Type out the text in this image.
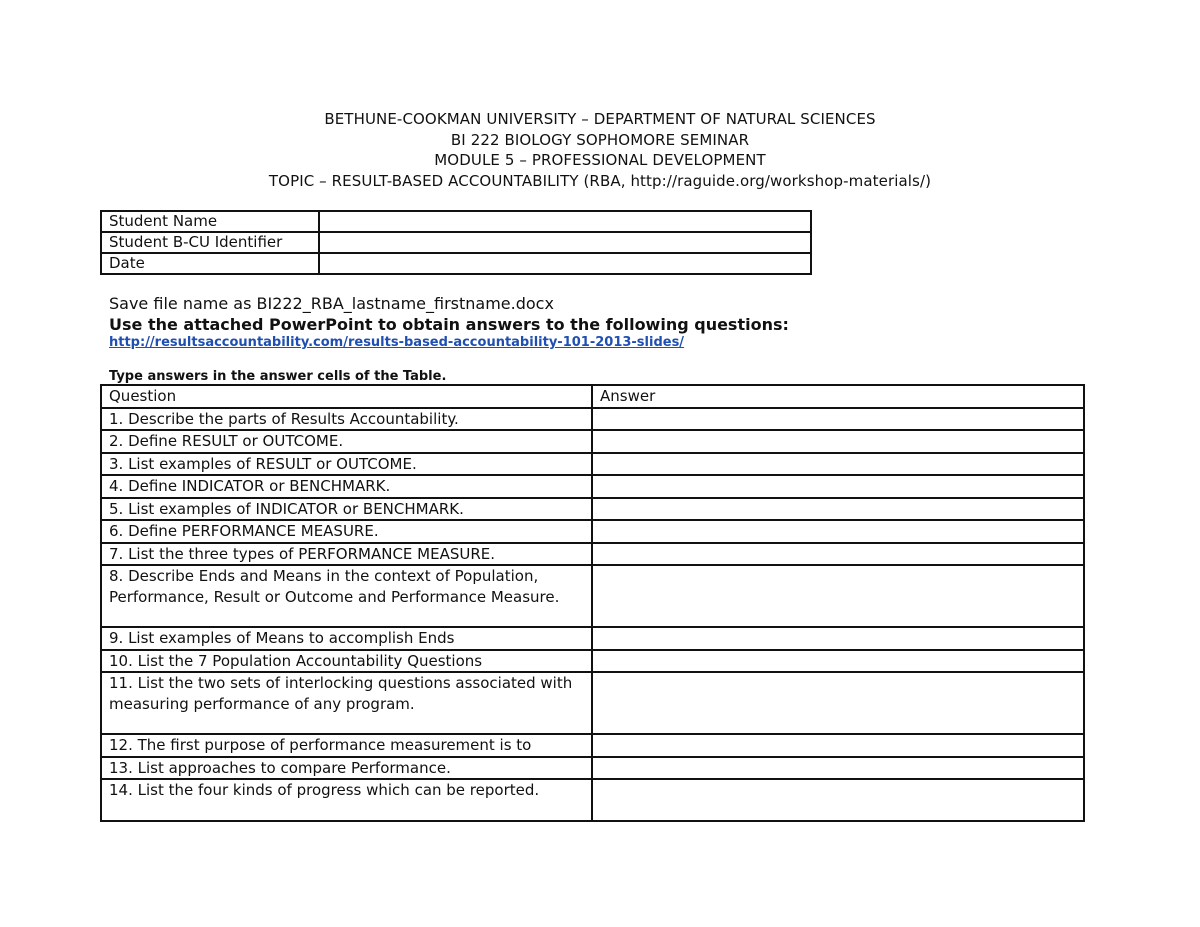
BETHUNE-COOKMAN UNIVERSITY – DEPARTMENT OF NATURAL SCIENCES
BI 222 BIOLOGY SOPHOMORE SEMINAR
MODULE 5 – PROFESSIONAL DEVELOPMENT
TOPIC – RESULT-BASED ACCOUNTABILITY (RBA, http://raguide.org/workshop-materials/)
Student Name	
Student B-CU Identifier	
Date	
Save file name as BI222_RBA_lastname_firstname.docx
Use the attached PowerPoint to obtain answers to the following questions:
http://resultsaccountability.com/results-based-accountability-101-2013-slides/
Type answers in the answer cells of the Table.
Question	Answer
1. Describe the parts of Results Accountability.	
2. Define RESULT or OUTCOME.	
3. List examples of RESULT or OUTCOME.	
4. Define INDICATOR or BENCHMARK.	
5. List examples of INDICATOR or BENCHMARK.	
6. Define PERFORMANCE MEASURE.	
7. List the three types of PERFORMANCE MEASURE.	
8. Describe Ends and Means in the context of Population, Performance, Result or Outcome and Performance Measure.	
9. List examples of Means to accomplish Ends	
10. List the 7 Population Accountability Questions	
11. List the two sets of interlocking questions associated with measuring performance of any program.	
12. The first purpose of performance measurement is to	
13. List approaches to compare Performance.	
14. List the four kinds of progress which can be reported.	
